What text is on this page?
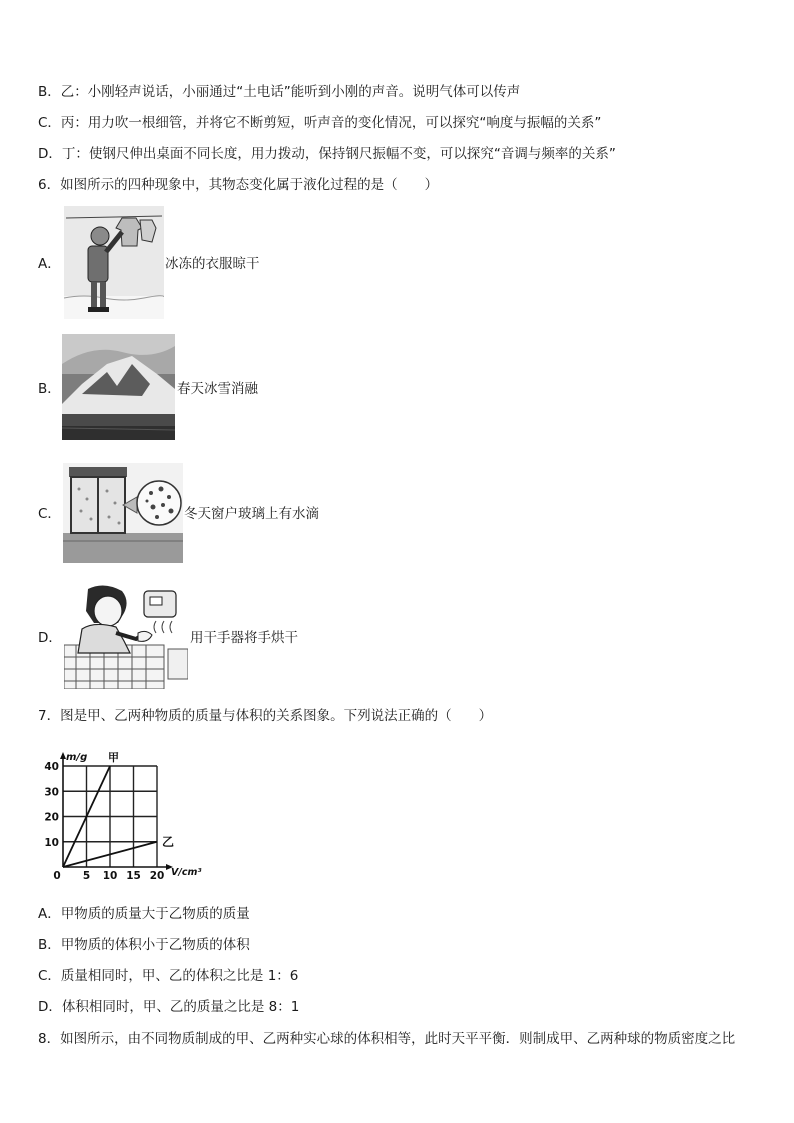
B．乙：小刚轻声说话，小丽通过“土电话”能听到小刚的声音。说明气体可以传声
C．丙：用力吹一根细管，并将它不断剪短，听声音的变化情况，可以探究“响度与振幅的关系”
D．丁：使钢尺伸出桌面不同长度，用力拨动，保持钢尺振幅不变，可以探究“音调与频率的关系”
6．如图所示的四种现象中，其物态变化属于液化过程的是（　　）
A．	冰冻的衣服晾干
B．	春天冰雪消融
C．	冬天窗户玻璃上有水滴
D．	用干手器将手烘干
7．图是甲、乙两种物质的质量与体积的关系图象。下列说法正确的（　　）
0 5 10 15 20
10
20
30
40
m/g
V/cm³
甲
乙
A．甲物质的质量大于乙物质的质量
B．甲物质的体积小于乙物质的体积
C．质量相同时，甲、乙的体积之比是 1：6
D．体积相同时，甲、乙的质量之比是 8：1
8．如图所示，由不同物质制成的甲、乙两种实心球的体积相等，此时天平平衡．则制成甲、乙两种球的物质密度之比
